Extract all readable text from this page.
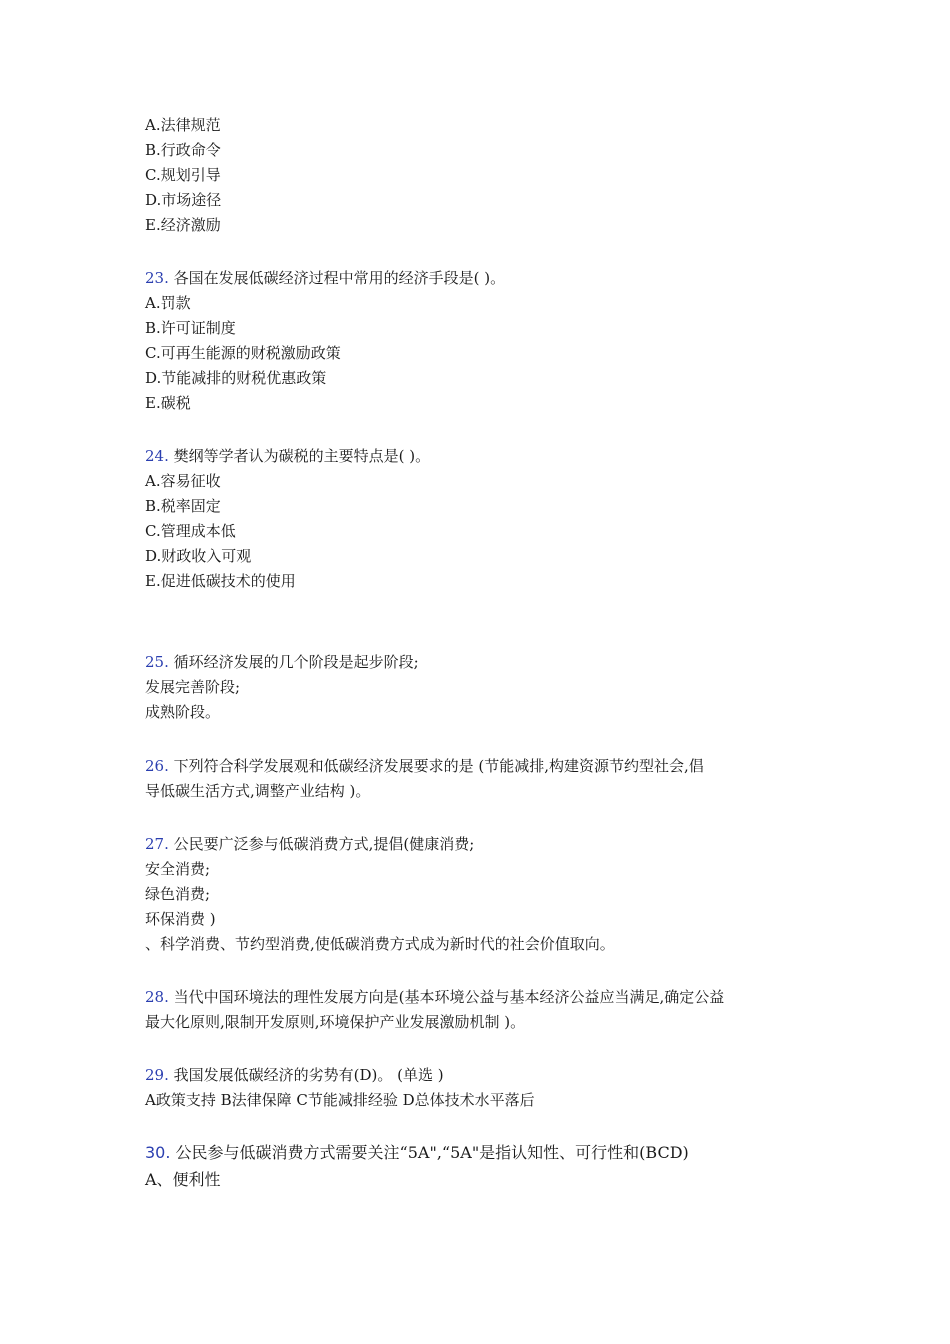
A.法律规范

B.行政命令

C.规划引导

D.市场途径

E.经济激励

23. 各国在发展低碳经济过程中常用的经济手段是( )。

A.罚款

B.许可证制度

C.可再生能源的财税激励政策

D.节能减排的财税优惠政策

E.碳税

24. 樊纲等学者认为碳税的主要特点是( )。

A.容易征收

B.税率固定

C.管理成本低

D.财政收入可观

E.促进低碳技术的使用

25. 循环经济发展的几个阶段是起步阶段;

发展完善阶段;

成熟阶段。

26. 下列符合科学发展观和低碳经济发展要求的是 (节能减排,构建资源节约型社会,倡

导低碳生活方式,调整产业结构 )。

27. 公民要广泛参与低碳消费方式,提倡(健康消费;

安全消费;

绿色消费;

环保消费 )

、科学消费、节约型消费,使低碳消费方式成为新时代的社会价值取向。

28. 当代中国环境法的理性发展方向是(基本环境公益与基本经济公益应当满足,确定公益

最大化原则,限制开发原则,环境保护产业发展激励机制 )。

29. 我国发展低碳经济的劣势有(D)。 (单选 )

A政策支持 B法律保障 C节能减排经验 D总体技术水平落后

30. 公民参与低碳消费方式需要关注“5A",“5A"是指认知性、可行性和(BCD)

A、便利性
